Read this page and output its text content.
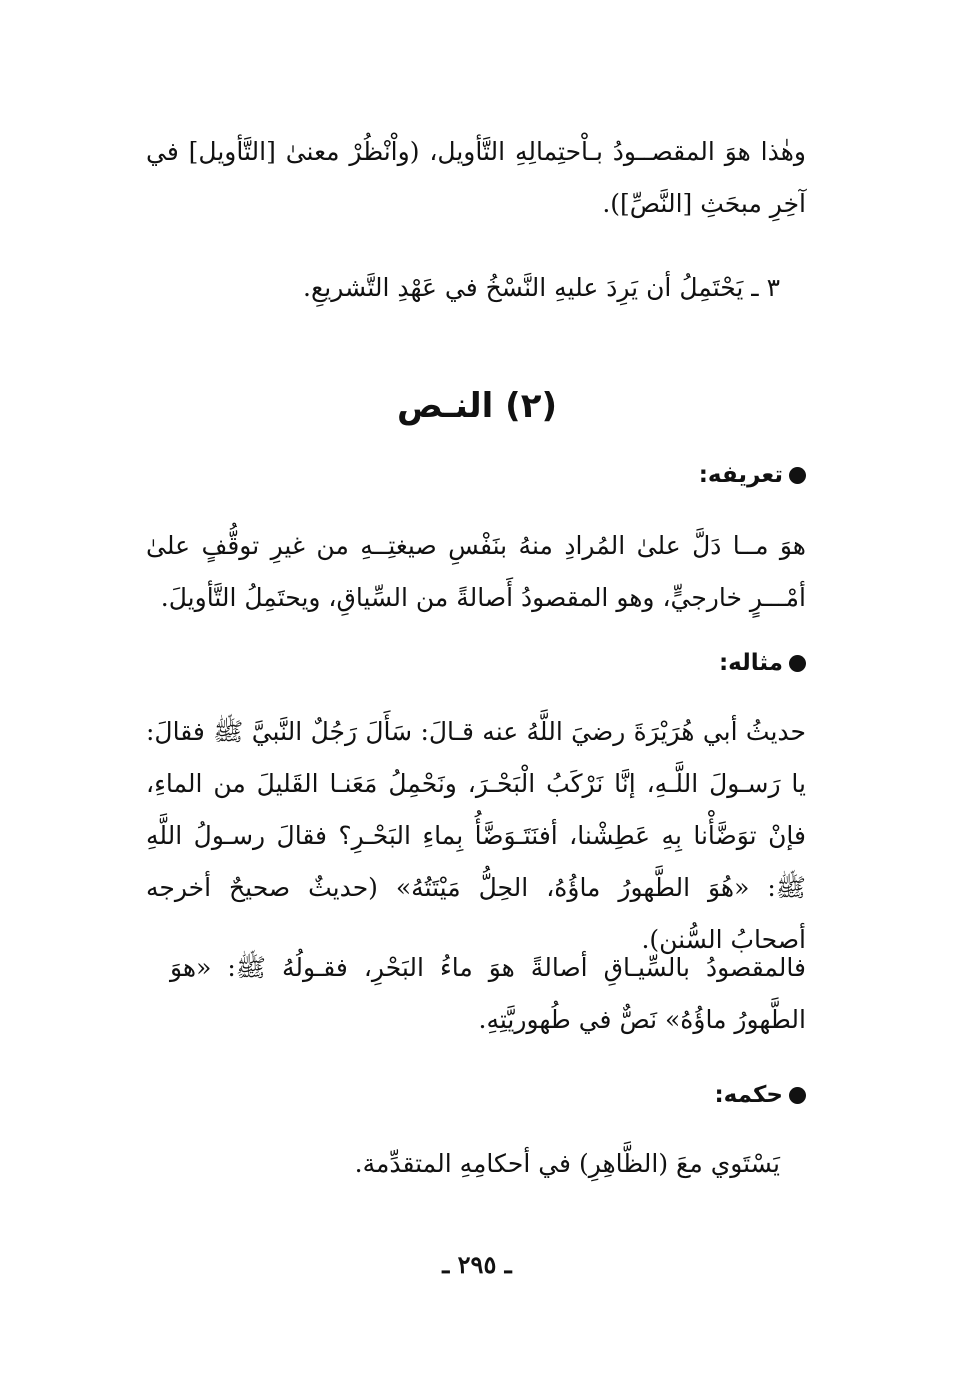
وهٰذا هوَ المقصــودُ بـاْحتِمالِهِ التَّأويل، (واْنْظُرْ معنىٰ [التَّأويل] في آخِرِ مبحَثِ [النَّصِّ]).

٣ ـ يَحْتَمِلُ أن يَرِدَ عليهِ النَّسْخُ في عَهْدِ التَّشريعِ.

(٢) النـص
تعريفه:

هوَ مــا دَلَّ علىٰ المُرادِ منهُ بنَفْسِ صيغتِــهِ من غيرِ توقُّفٍ علىٰ أمْـــرٍ خارجيٍّ، وهو المقصودُ أَصالةً من السِّياقِ، ويحتَمِلُ التَّأويلَ.

مثاله:

حديثُ أبي هُرَيْرَةَ رضيَ اللَّهُ عنه قـالَ: سَأَلَ رَجُلٌ النَّبيَّ ﷺ فقالَ: يا رَسـولَ اللَّـهِ، إنَّا نَرْكَبُ الْبَحْـرَ، ونَحْمِلُ مَعَنـا القَليلَ من الماءِ، فإنْ توَضَّأْنا بِهِ عَطِشْنا، أفنَتَـوَضَّأُ بِماءِ البَحْـرِ؟ فقالَ رسـولُ اللَّهِ ﷺ: «هُوَ الطَّهورُ ماؤُهُ، الحِلُّ مَيْتَتُهُ» (حديثٌ صحيحٌ أخرجه أصحابُ السُّنن).

فالمقصودُ بالسِّيـاقِ أصالةً هوَ ماءُ البَحْرِ، فقـولُهُ ﷺ: «هوَ الطَّهورُ ماؤُهُ» نَصٌّ في طُهوريَّتِهِ.

حكمه:

يَسْتَوي معَ (الظَّاهِرِ) في أحكامِهِ المتقدِّمة.

ـ ٢٩٥ ـ
